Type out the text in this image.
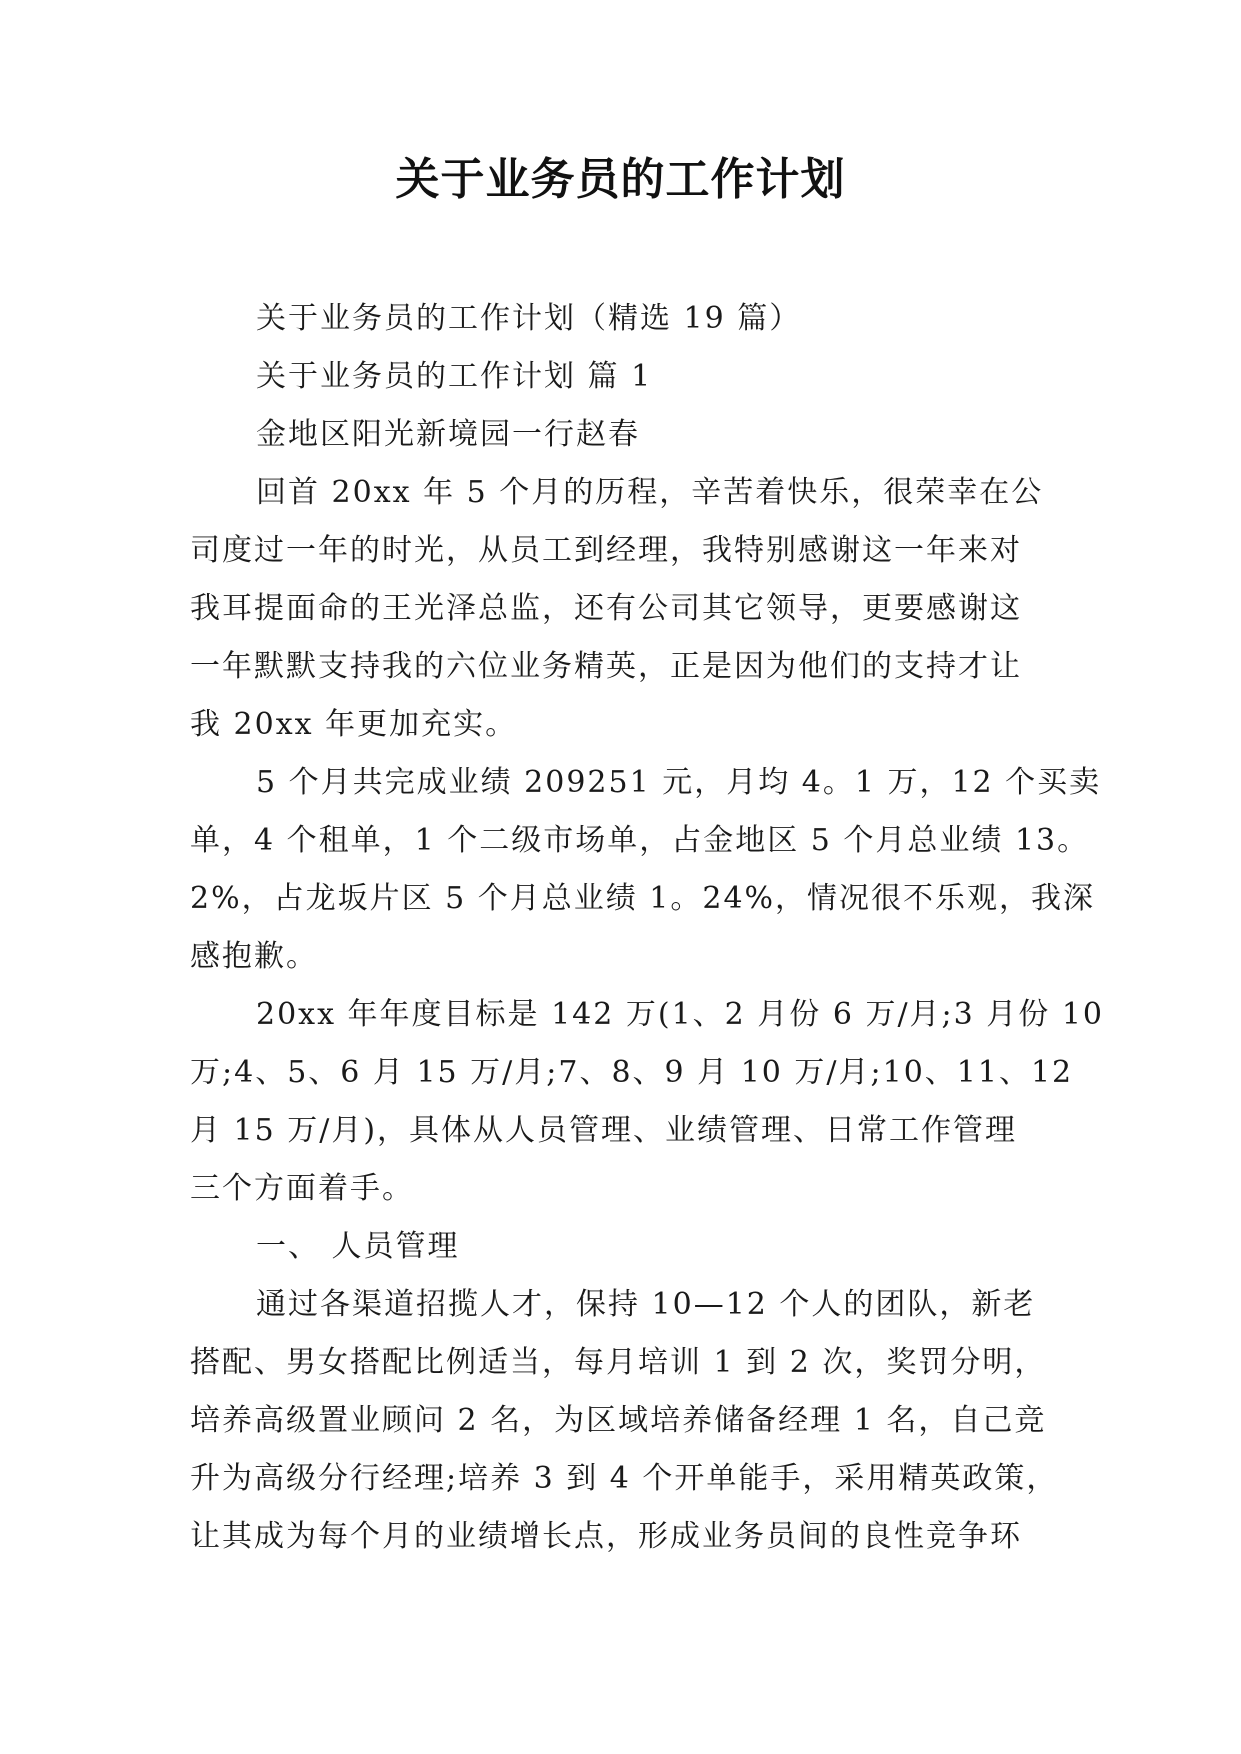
关于业务员的工作计划

关于业务员的工作计划（精选 19 篇）

关于业务员的工作计划 篇 1

金地区阳光新境园一行赵春

回首 20xx 年 5 个月的历程，辛苦着快乐，很荣幸在公

司度过一年的时光，从员工到经理，我特别感谢这一年来对

我耳提面命的王光泽总监，还有公司其它领导，更要感谢这

一年默默支持我的六位业务精英，正是因为他们的支持才让

我 20xx 年更加充实。

5 个月共完成业绩 209251 元，月均 4。1 万，12 个买卖

单，4 个租单，1 个二级市场单，占金地区 5 个月总业绩 13。

2%，占龙坂片区 5 个月总业绩 1。24%，情况很不乐观，我深

感抱歉。

20xx 年年度目标是 142 万(1、2 月份 6 万/月;3 月份 10

万;4、5、6 月 15 万/月;7、8、9 月 10 万/月;10、11、12

月 15 万/月)，具体从人员管理、业绩管理、日常工作管理

三个方面着手。

一、 人员管理

通过各渠道招揽人才，保持 10—12 个人的团队，新老

搭配、男女搭配比例适当，每月培训 1 到 2 次，奖罚分明，

培养高级置业顾问 2 名，为区域培养储备经理 1 名，自己竞

升为高级分行经理;培养 3 到 4 个开单能手，采用精英政策，

让其成为每个月的业绩增长点，形成业务员间的良性竞争环
